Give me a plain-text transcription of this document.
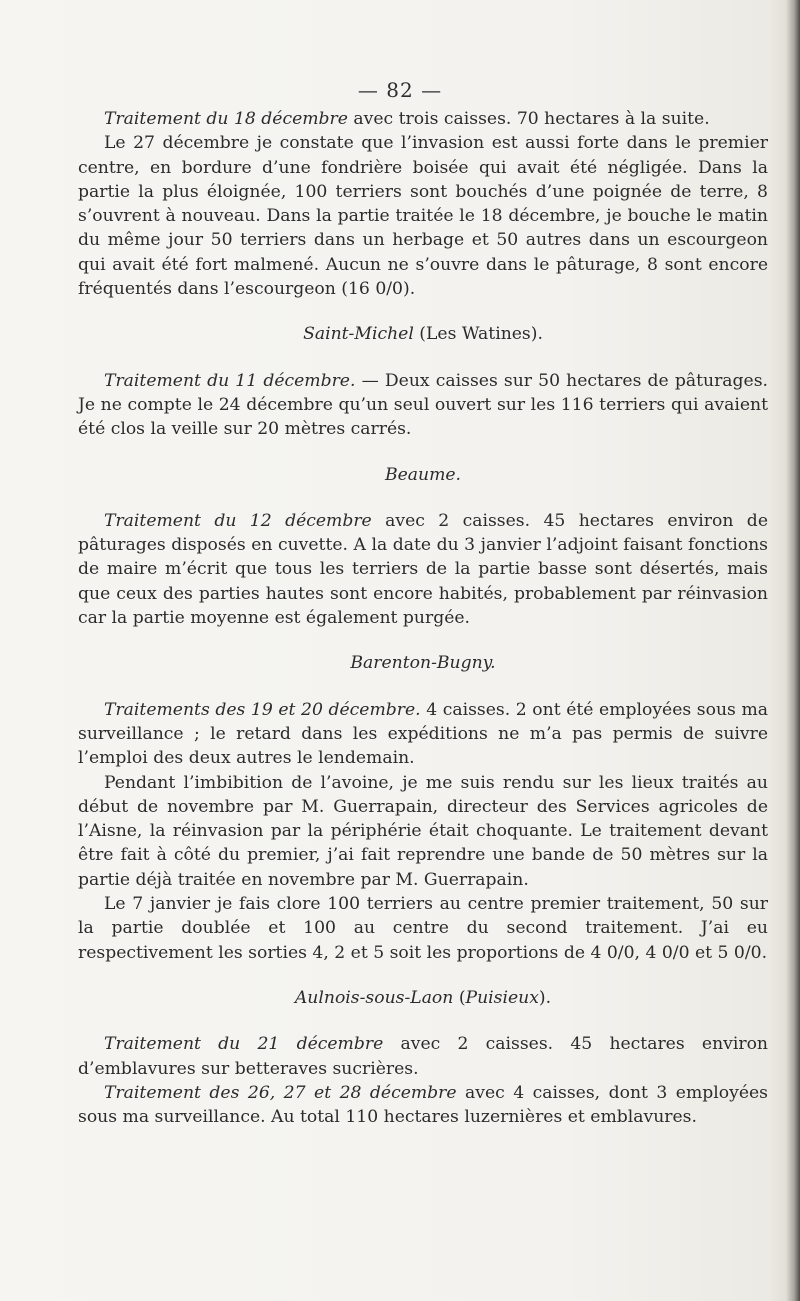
— 82 —

Traitement du 18 décembre avec trois caisses. 70 hectares à la suite.

Le 27 décembre je constate que l’invasion est aussi forte dans le premier centre, en bordure d’une fondrière boisée qui avait été négligée. Dans la partie la plus éloignée, 100 terriers sont bouchés d’une poignée de terre, 8 s’ouvrent à nouveau. Dans la partie traitée le 18 décembre, je bouche le matin du même jour 50 terriers dans un herbage et 50 autres dans un escourgeon qui avait été fort malmené. Aucun ne s’ouvre dans le pâturage, 8 sont encore fréquentés dans l’escourgeon (16 0/0).

Saint-Michel (Les Watines).

Traitement du 11 décembre. — Deux caisses sur 50 hectares de pâturages. Je ne compte le 24 décembre qu’un seul ouvert sur les 116 terriers qui avaient été clos la veille sur 20 mètres carrés.

Beaume.

Traitement du 12 décembre avec 2 caisses. 45 hectares environ de pâturages disposés en cuvette. A la date du 3 janvier l’adjoint faisant fonctions de maire m’écrit que tous les terriers de la partie basse sont désertés, mais que ceux des parties hautes sont encore habités, probablement par réinvasion car la partie moyenne est également purgée.

Barenton-Bugny.

Traitements des 19 et 20 décembre. 4 caisses. 2 ont été employées sous ma surveillance ; le retard dans les expéditions ne m’a pas permis de suivre l’emploi des deux autres le lendemain.

Pendant l’imbibition de l’avoine, je me suis rendu sur les lieux traités au début de novembre par M. Guerrapain, directeur des Services agricoles de l’Aisne, la réinvasion par la périphérie était choquante. Le traitement devant être fait à côté du premier, j’ai fait reprendre une bande de 50 mètres sur la partie déjà traitée en novembre par M. Guerrapain.

Le 7 janvier je fais clore 100 terriers au centre premier traitement, 50 sur la partie doublée et 100 au centre du second traitement. J’ai eu respectivement les sorties 4, 2 et 5 soit les proportions de 4 0/0, 4 0/0 et 5 0/0.

Aulnois-sous-Laon (Puisieux).

Traitement du 21 décembre avec 2 caisses. 45 hectares environ d’emblavures sur betteraves sucrières.

Traitement des 26, 27 et 28 décembre avec 4 caisses, dont 3 employées sous ma surveillance. Au total 110 hectares luzernières et emblavures.
